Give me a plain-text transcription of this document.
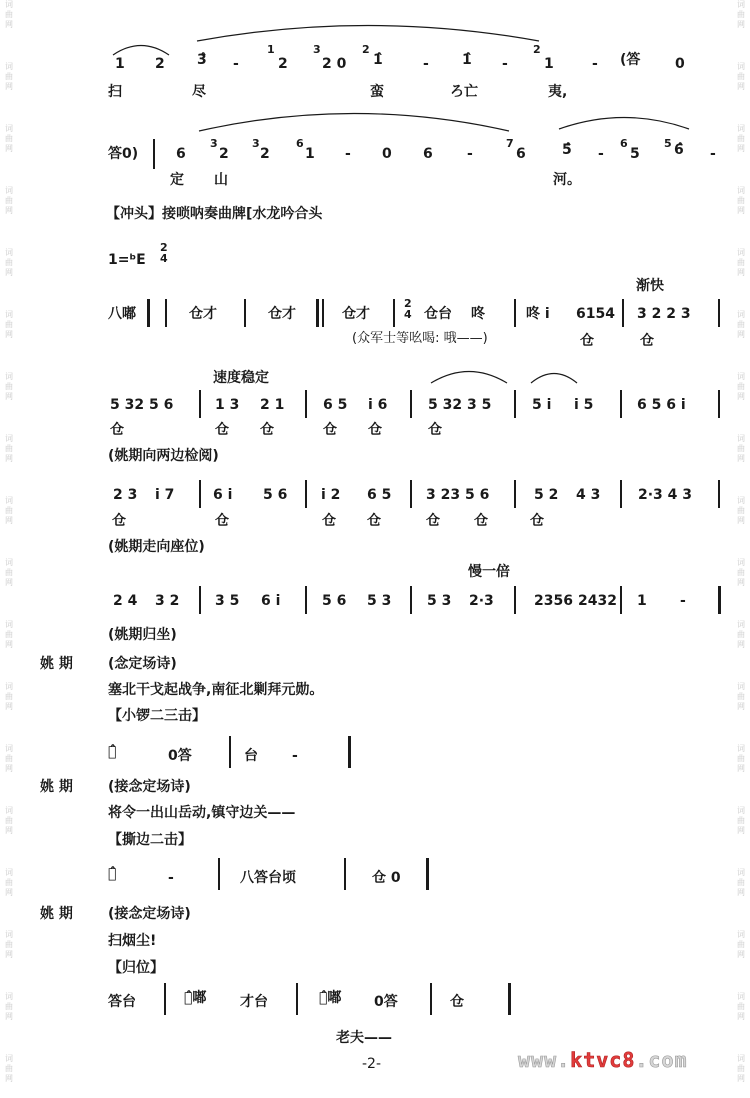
词
曲
网
词
曲
网
词
曲
网
词
曲
网
词
曲
网
词
曲
网
词
曲
网
词
曲
网
词
曲
网
词
曲
网
词
曲
网
词
曲
网
词
曲
网
词
曲
网
词
曲
网
词
曲
网
词
曲
网
词
曲
网
词
曲
网
词
曲
网
词
曲
网
词
曲
网
词
曲
网
词
曲
网
词
曲
网
词
曲
网
词
曲
网
词
曲
网
词
曲
网
词
曲
网
词
曲
网
词
曲
网
词
曲
网
词
曲
网
词
曲
网
词
曲
网
1 2 3̂ -
1
2
3
2 0
2
1̂	- 1̂ -
2
1	- (答 0
扫	尽	蛮	ろ亡	夷,
答0)	6
3
2
3
2
6
1 - 0 6 -
7
6	5̂ -
6
5
5 6̂ -
定 山	河。
【冲头】接唢呐奏曲牌[水龙吟合头
1=ᵇE
2
4
渐快
八嘟	仓才	仓才	仓才
2
4 仓台 咚	咚 i 6154 3 2 2 3
(众军士等吆喝: 哦——)	仓	仓
速度稳定
5 32 5 6	1 3 2 1	6 5 i 6	5 32 3 5	5 i i 5	6 5 6 i
仓	仓 仓	仓 仓	仓
(姚期向两边检阅)
2 3 i 7	6 i 5 6 i 2 6 5 3 23 5 6	5 2 4 3	2·3 4 3
仓	仓	仓 仓	仓 仓	仓
(姚期走向座位)
慢一倍
2 4 3 2	3 5 6 i	5 6 5 3	5 3 2·3	2356 2432 1 -
(姚期归坐)
姚 期	(念定场诗)
塞北干戈起战争,南征北剿拜元勋。
【小锣二三击】
台̂	0答	台 -
姚 期	(接念定场诗)
将令一出山岳动,镇守边关——
【撕边二击】
嘟̂	-	八答台顷	仓 0
姚 期	(接念定场诗)
扫烟尘!
【归位】
答台	仓̂嘟 才台	仓̂嘟 0答	仓
老夫——
-2-	www.ktvc8.com
